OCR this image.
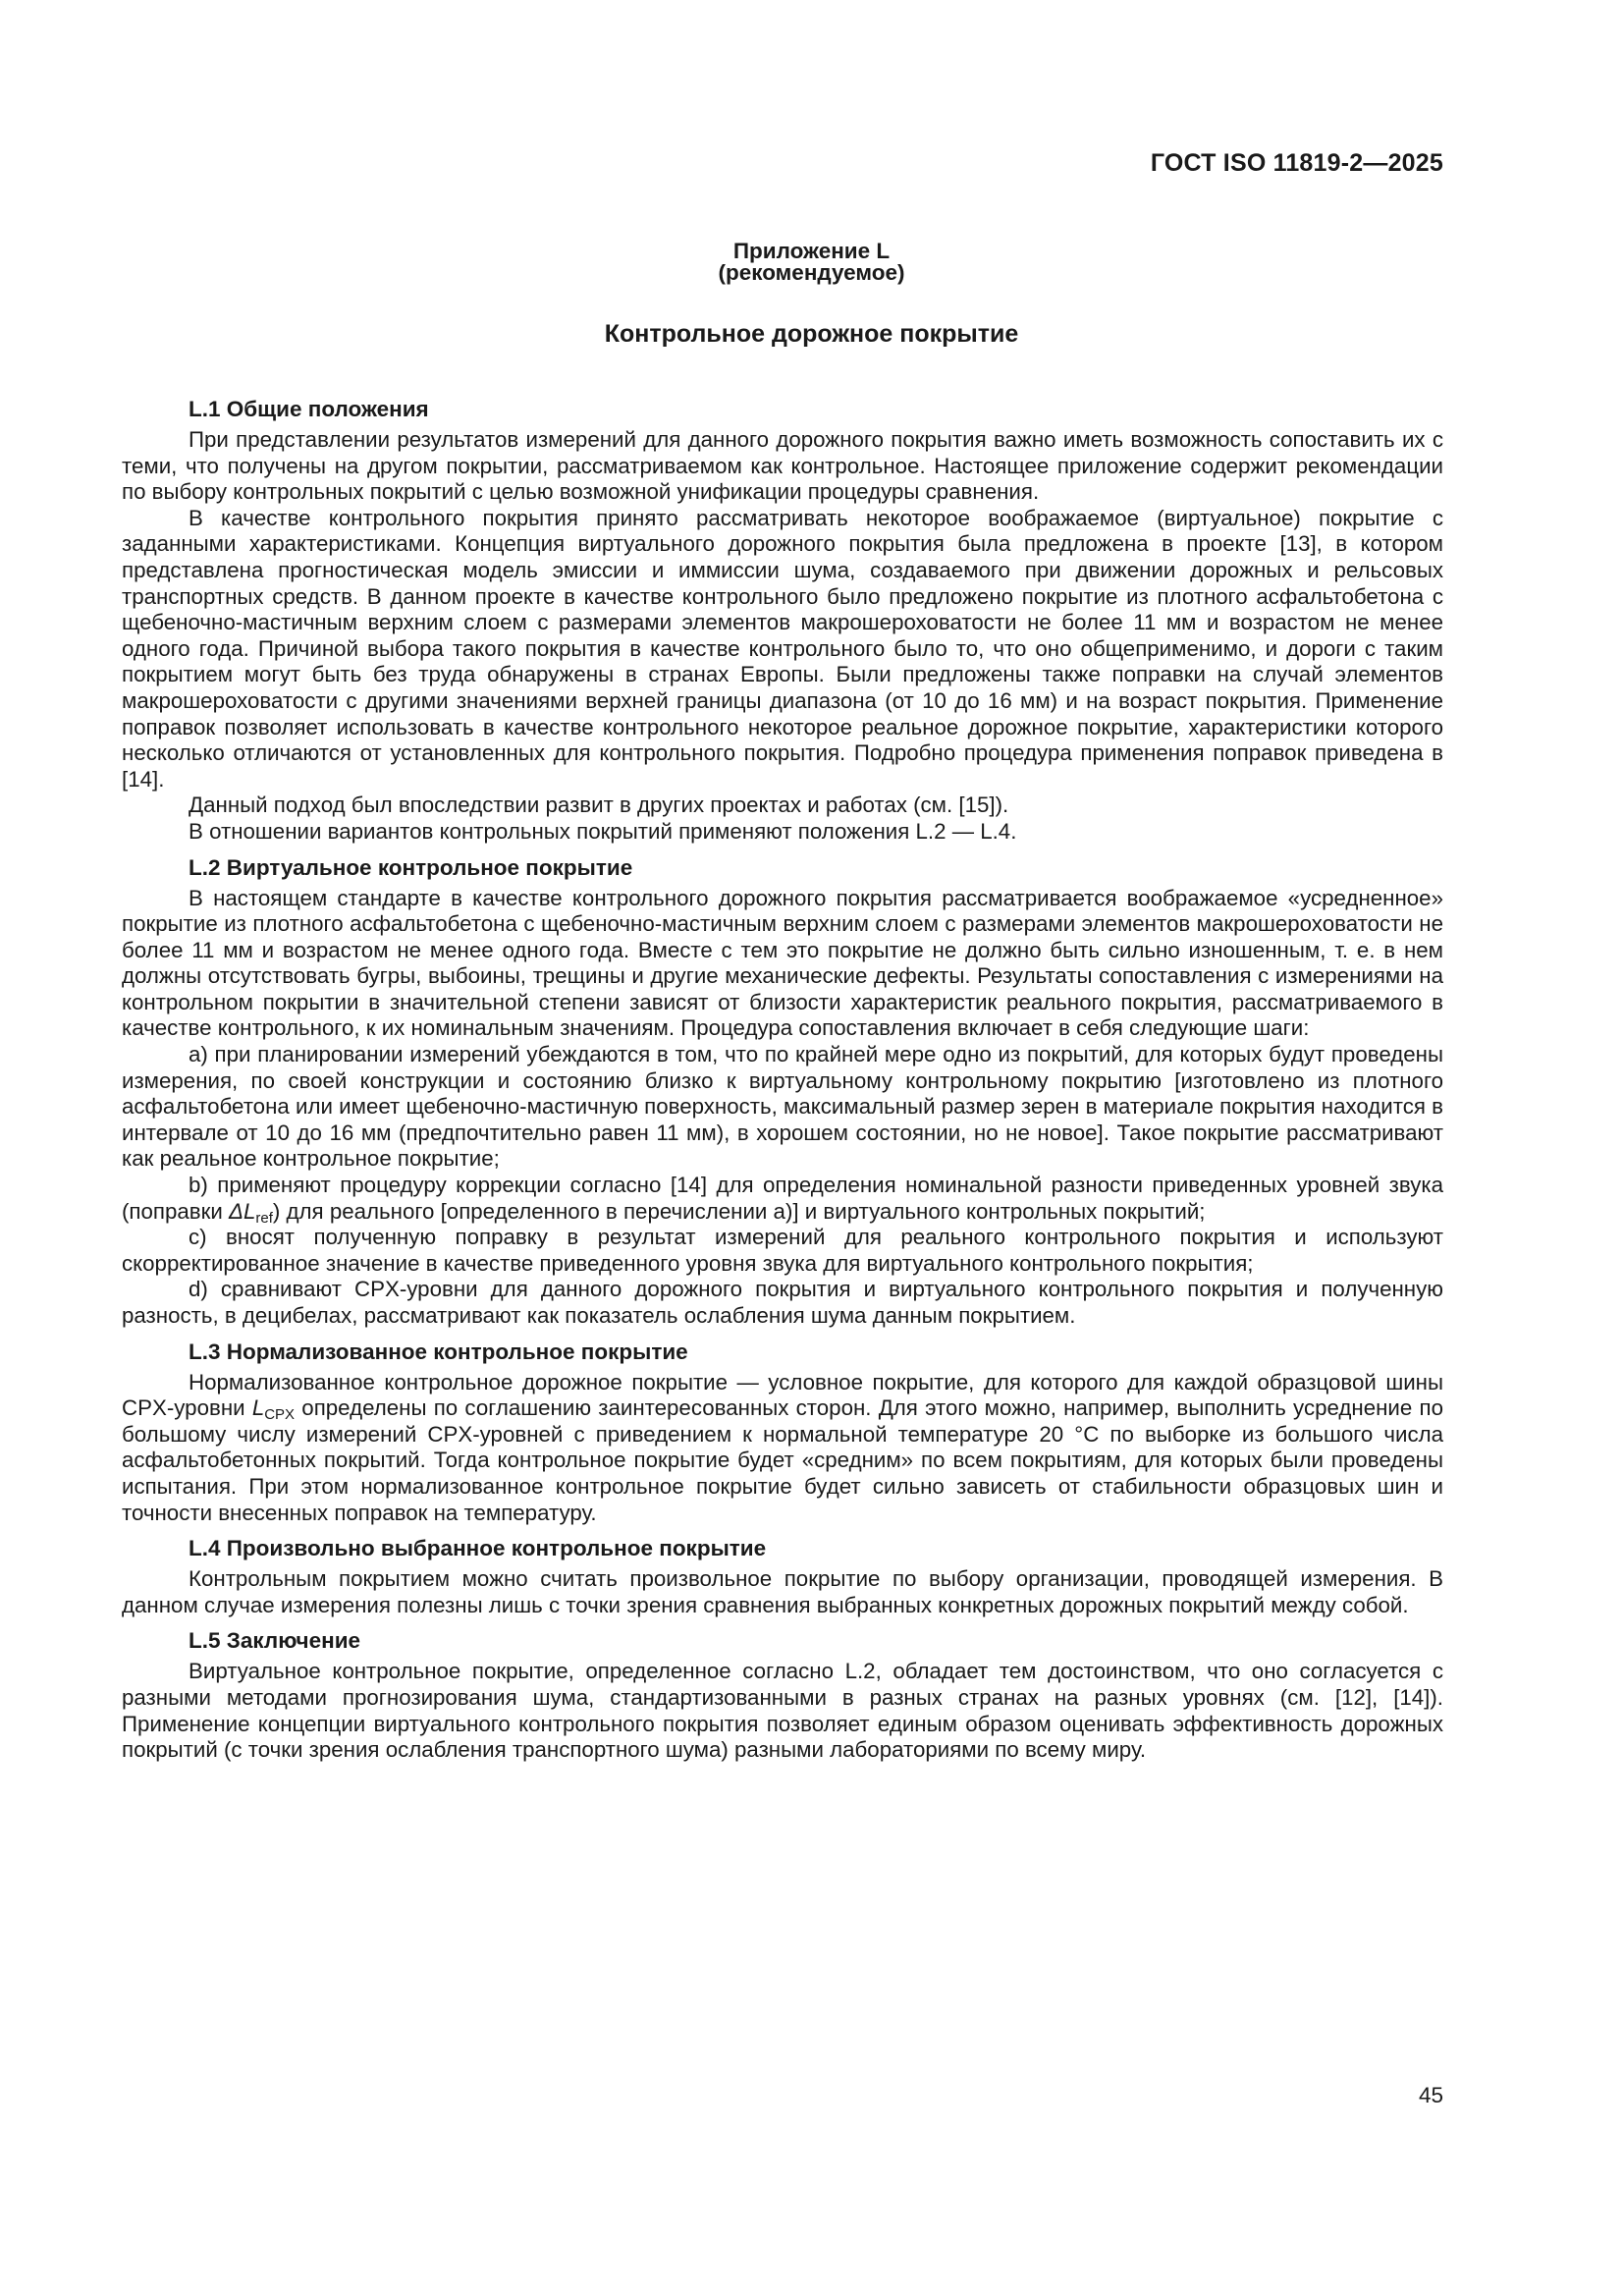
ГОСТ ISO 11819-2—2025
Приложение L
(рекомендуемое)
Контрольное дорожное покрытие
L.1 Общие положения

При представлении результатов измерений для данного дорожного покрытия важно иметь возможность сопоставить их с теми, что получены на другом покрытии, рассматриваемом как контрольное. Настоящее приложение содержит рекомендации по выбору контрольных покрытий с целью возможной унификации процедуры сравнения.

В качестве контрольного покрытия принято рассматривать некоторое воображаемое (виртуальное) покрытие с заданными характеристиками. Концепция виртуального дорожного покрытия была предложена в проекте [13], в котором представлена прогностическая модель эмиссии и иммиссии шума, создаваемого при движении дорожных и рельсовых транспортных средств. В данном проекте в качестве контрольного было предложено покрытие из плотного асфальтобетона с щебеночно-мастичным верхним слоем с размерами элементов макрошероховатости не более 11 мм и возрастом не менее одного года. Причиной выбора такого покрытия в качестве контрольного было то, что оно общеприменимо, и дороги с таким покрытием могут быть без труда обнаружены в странах Европы. Были предложены также поправки на случай элементов макрошероховатости с другими значениями верхней границы диапазона (от 10 до 16 мм) и на возраст покрытия. Применение поправок позволяет использовать в качестве контрольного некоторое реальное дорожное покрытие, характеристики которого несколько отличаются от установленных для контрольного покрытия. Подробно процедура применения поправок приведена в [14].

Данный подход был впоследствии развит в других проектах и работах (см. [15]).

В отношении вариантов контрольных покрытий применяют положения L.2 — L.4.

L.2 Виртуальное контрольное покрытие

В настоящем стандарте в качестве контрольного дорожного покрытия рассматривается воображаемое «усредненное» покрытие из плотного асфальтобетона с щебеночно-мастичным верхним слоем с размерами элементов макрошероховатости не более 11 мм и возрастом не менее одного года. Вместе с тем это покрытие не должно быть сильно изношенным, т. е. в нем должны отсутствовать бугры, выбоины, трещины и другие механические дефекты. Результаты сопоставления с измерениями на контрольном покрытии в значительной степени зависят от близости характеристик реального покрытия, рассматриваемого в качестве контрольного, к их номинальным значениям. Процедура сопоставления включает в себя следующие шаги:

a) при планировании измерений убеждаются в том, что по крайней мере одно из покрытий, для которых будут проведены измерения, по своей конструкции и состоянию близко к виртуальному контрольному покрытию [изготовлено из плотного асфальтобетона или имеет щебеночно-мастичную поверхность, максимальный размер зерен в материале покрытия находится в интервале от 10 до 16 мм (предпочтительно равен 11 мм), в хорошем состоянии, но не новое]. Такое покрытие рассматривают как реальное контрольное покрытие;

b) применяют процедуру коррекции согласно [14] для определения номинальной разности приведенных уровней звука (поправки $\Delta L_{ref}$) для реального [определенного в перечислении а)] и виртуального контрольных покрытий;

c) вносят полученную поправку в результат измерений для реального контрольного покрытия и используют скорректированное значение в качестве приведенного уровня звука для виртуального контрольного покрытия;

d) сравнивают CPX-уровни для данного дорожного покрытия и виртуального контрольного покрытия и полученную разность, в децибелах, рассматривают как показатель ослабления шума данным покрытием.

L.3 Нормализованное контрольное покрытие

Нормализованное контрольное дорожное покрытие — условное покрытие, для которого для каждой образцовой шины CPX-уровни $L_{CPX}$ определены по соглашению заинтересованных сторон. Для этого можно, например, выполнить усреднение по большому числу измерений CPX-уровней с приведением к нормальной температуре 20 °С по выборке из большого числа асфальтобетонных покрытий. Тогда контрольное покрытие будет «средним» по всем покрытиям, для которых были проведены испытания. При этом нормализованное контрольное покрытие будет сильно зависеть от стабильности образцовых шин и точности внесенных поправок на температуру.

L.4 Произвольно выбранное контрольное покрытие

Контрольным покрытием можно считать произвольное покрытие по выбору организации, проводящей измерения. В данном случае измерения полезны лишь с точки зрения сравнения выбранных конкретных дорожных покрытий между собой.

L.5 Заключение

Виртуальное контрольное покрытие, определенное согласно L.2, обладает тем достоинством, что оно согласуется с разными методами прогнозирования шума, стандартизованными в разных странах на разных уровнях (см. [12], [14]). Применение концепции виртуального контрольного покрытия позволяет единым образом оценивать эффективность дорожных покрытий (с точки зрения ослабления транспортного шума) разными лабораториями по всему миру.

45
